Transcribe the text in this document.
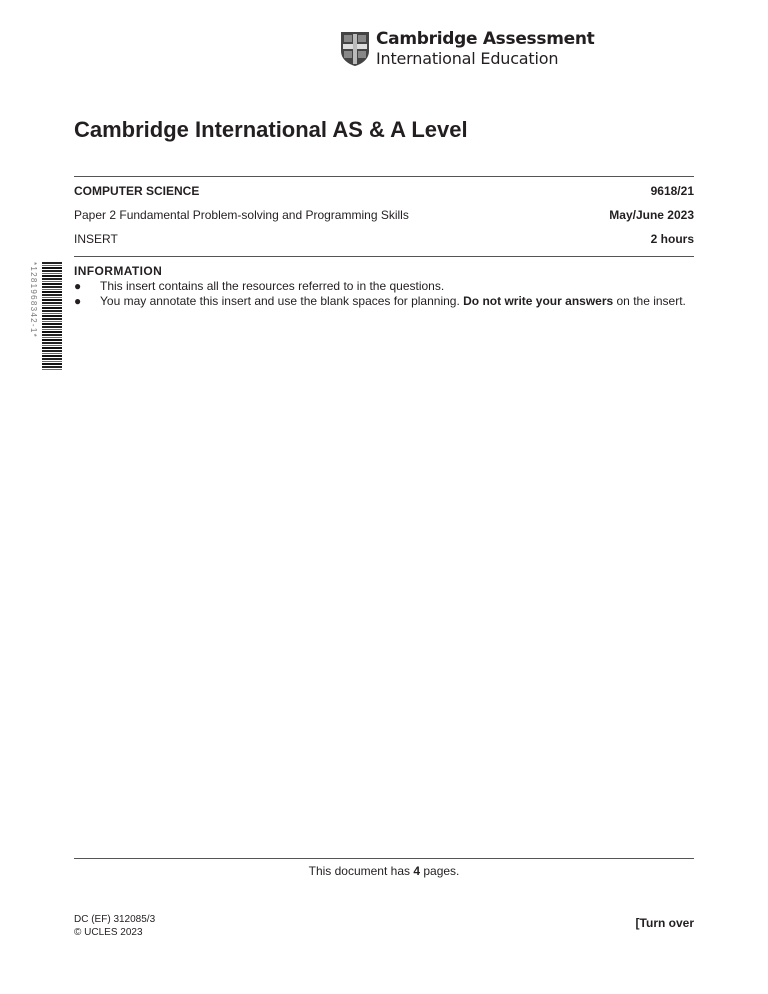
Cambridge Assessment
International Education
Cambridge International AS & A Level
COMPUTER SCIENCE	9618/21
Paper 2 Fundamental Problem-solving and Programming Skills	May/June 2023
INSERT	2 hours
*1281968342-1*	INFORMATION
●	This insert contains all the resources referred to in the questions.
●	You may annotate this insert and use the blank spaces for planning. Do not write your answers on the insert.
This document has 4 pages.
DC (EF) 312085/3
© UCLES 2023
[Turn over
